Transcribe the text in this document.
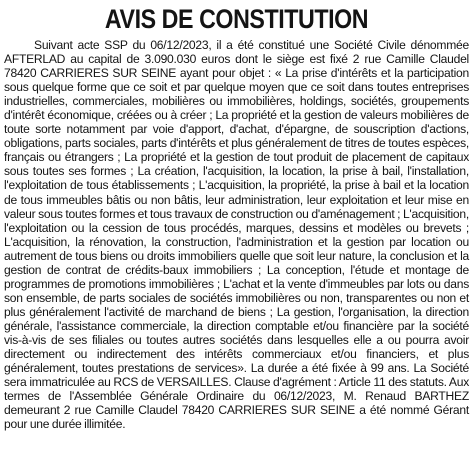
AVIS DE CONSTITUTION

Suivant acte SSP du 06/12/2023, il a été constitué une Société Civile dénommée AFTERLAD au capital de 3.090.030 euros dont le siège est fixé 2 rue Camille Claudel 78420 CARRIERES SUR SEINE ayant pour objet : « La prise d'intérêts et la participation sous quelque forme que ce soit et par quelque moyen que ce soit dans toutes entreprises industrielles, commerciales, mobilières ou immobilières, holdings, sociétés, groupements d'intérêt économique, créées ou à créer ; La propriété et la gestion de valeurs mobilières de toute sorte notamment par voie d'apport, d'achat, d'épargne, de souscription d'actions, obligations, parts sociales, parts d'intérêts et plus généralement de titres de toutes espèces, français ou étrangers ; La propriété et la gestion de tout produit de placement de capitaux sous toutes ses formes ; La création, l'acquisition, la location, la prise à bail, l'installation, l'exploitation de tous établissements ; L'acquisition, la propriété, la prise à bail et la location de tous immeubles bâtis ou non bâtis, leur administration, leur exploitation et leur mise en valeur sous toutes formes et tous travaux de construction ou d'aménagement ; L'acquisition, l'exploitation ou la cession de tous procédés, marques, dessins et modèles ou brevets ; L'acquisition, la rénovation, la construction, l'administration et la gestion par location ou autrement de tous biens ou droits immobiliers quelle que soit leur nature, la conclusion et la gestion de contrat de crédits-baux immobiliers ; La conception, l'étude et montage de programmes de promotions immobilières ; L'achat et la vente d'immeubles par lots ou dans son ensemble, de parts sociales de sociétés immobilières ou non, transparentes ou non et plus généralement l'activité de marchand de biens ; La gestion, l'organisation, la direction générale, l'assistance commerciale, la direction comptable et/ou financière par la société vis-à-vis de ses filiales ou toutes autres sociétés dans lesquelles elle a ou pourra avoir directement ou indirectement des intérêts commerciaux et/ou financiers, et plus généralement, toutes prestations de services». La durée a été fixée à 99 ans. La Société sera immatriculée au RCS de VERSAILLES. Clause d'agrément : Article 11 des statuts. Aux termes de l'Assemblée Générale Ordinaire du 06/12/2023, M. Renaud BARTHEZ demeurant 2 rue Camille Claudel 78420 CARRIERES SUR SEINE a été nommé Gérant pour une durée illimitée.
